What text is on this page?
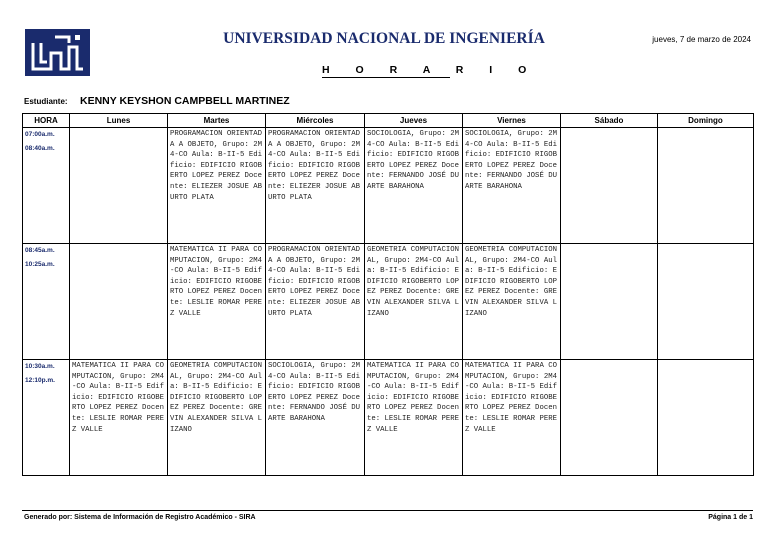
UNIVERSIDAD NACIONAL DE INGENIERÍA	jueves, 7 de marzo de 2024
H O R A R I O
Estudiante: KENNY KEYSHON CAMPBELL MARTINEZ
HORA	Lunes	Martes	Miércoles	Jueves	Viernes	Sábado	Domingo

07:00a.m.
08:40a.m.		PROGRAMACION ORIENTADA A OBJETO, Grupo: 2M4-CO Aula: B-II-5 Edificio: EDIFICIO RIGOBERTO LOPEZ PEREZ Docente: ELIEZER JOSUE ABURTO PLATA	PROGRAMACION ORIENTADA A OBJETO, Grupo: 2M4-CO Aula: B-II-5 Edificio: EDIFICIO RIGOBERTO LOPEZ PEREZ Docente: ELIEZER JOSUE ABURTO PLATA	SOCIOLOGIA, Grupo: 2M4-CO Aula: B-II-5 Edificio: EDIFICIO RIGOBERTO LOPEZ PEREZ Docente: FERNANDO JOSÉ DUARTE BARAHONA	SOCIOLOGIA, Grupo: 2M4-CO Aula: B-II-5 Edificio: EDIFICIO RIGOBERTO LOPEZ PEREZ Docente: FERNANDO JOSÉ DUARTE BARAHONA		

08:45a.m.
10:25a.m.		MATEMATICA II PARA COMPUTACION, Grupo: 2M4-CO Aula: B-II-5 Edificio: EDIFICIO RIGOBERTO LOPEZ PEREZ Docente: LESLIE ROMAR PEREZ VALLE	PROGRAMACION ORIENTADA A OBJETO, Grupo: 2M4-CO Aula: B-II-5 Edificio: EDIFICIO RIGOBERTO LOPEZ PEREZ Docente: ELIEZER JOSUE ABURTO PLATA	GEOMETRIA COMPUTACIONAL, Grupo: 2M4-CO Aula: B-II-5 Edificio: EDIFICIO RIGOBERTO LOPEZ PEREZ Docente: GREVIN ALEXANDER SILVA LIZANO	GEOMETRIA COMPUTACIONAL, Grupo: 2M4-CO Aula: B-II-5 Edificio: EDIFICIO RIGOBERTO LOPEZ PEREZ Docente: GREVIN ALEXANDER SILVA LIZANO		

10:30a.m.
12:10p.m.	MATEMATICA II PARA COMPUTACION, Grupo: 2M4-CO Aula: B-II-5 Edificio: EDIFICIO RIGOBERTO LOPEZ PEREZ Docente: LESLIE ROMAR PEREZ VALLE	GEOMETRIA COMPUTACIONAL, Grupo: 2M4-CO Aula: B-II-5 Edificio: EDIFICIO RIGOBERTO LOPEZ PEREZ Docente: GREVIN ALEXANDER SILVA LIZANO	SOCIOLOGIA, Grupo: 2M4-CO Aula: B-II-5 Edificio: EDIFICIO RIGOBERTO LOPEZ PEREZ Docente: FERNANDO JOSÉ DUARTE BARAHONA	MATEMATICA II PARA COMPUTACION, Grupo: 2M4-CO Aula: B-II-5 Edificio: EDIFICIO RIGOBERTO LOPEZ PEREZ Docente: LESLIE ROMAR PEREZ VALLE	MATEMATICA II PARA COMPUTACION, Grupo: 2M4-CO Aula: B-II-5 Edificio: EDIFICIO RIGOBERTO LOPEZ PEREZ Docente: LESLIE ROMAR PEREZ VALLE		
Generado por: Sistema de Información de Registro Académico - SIRA	Página 1 de 1
